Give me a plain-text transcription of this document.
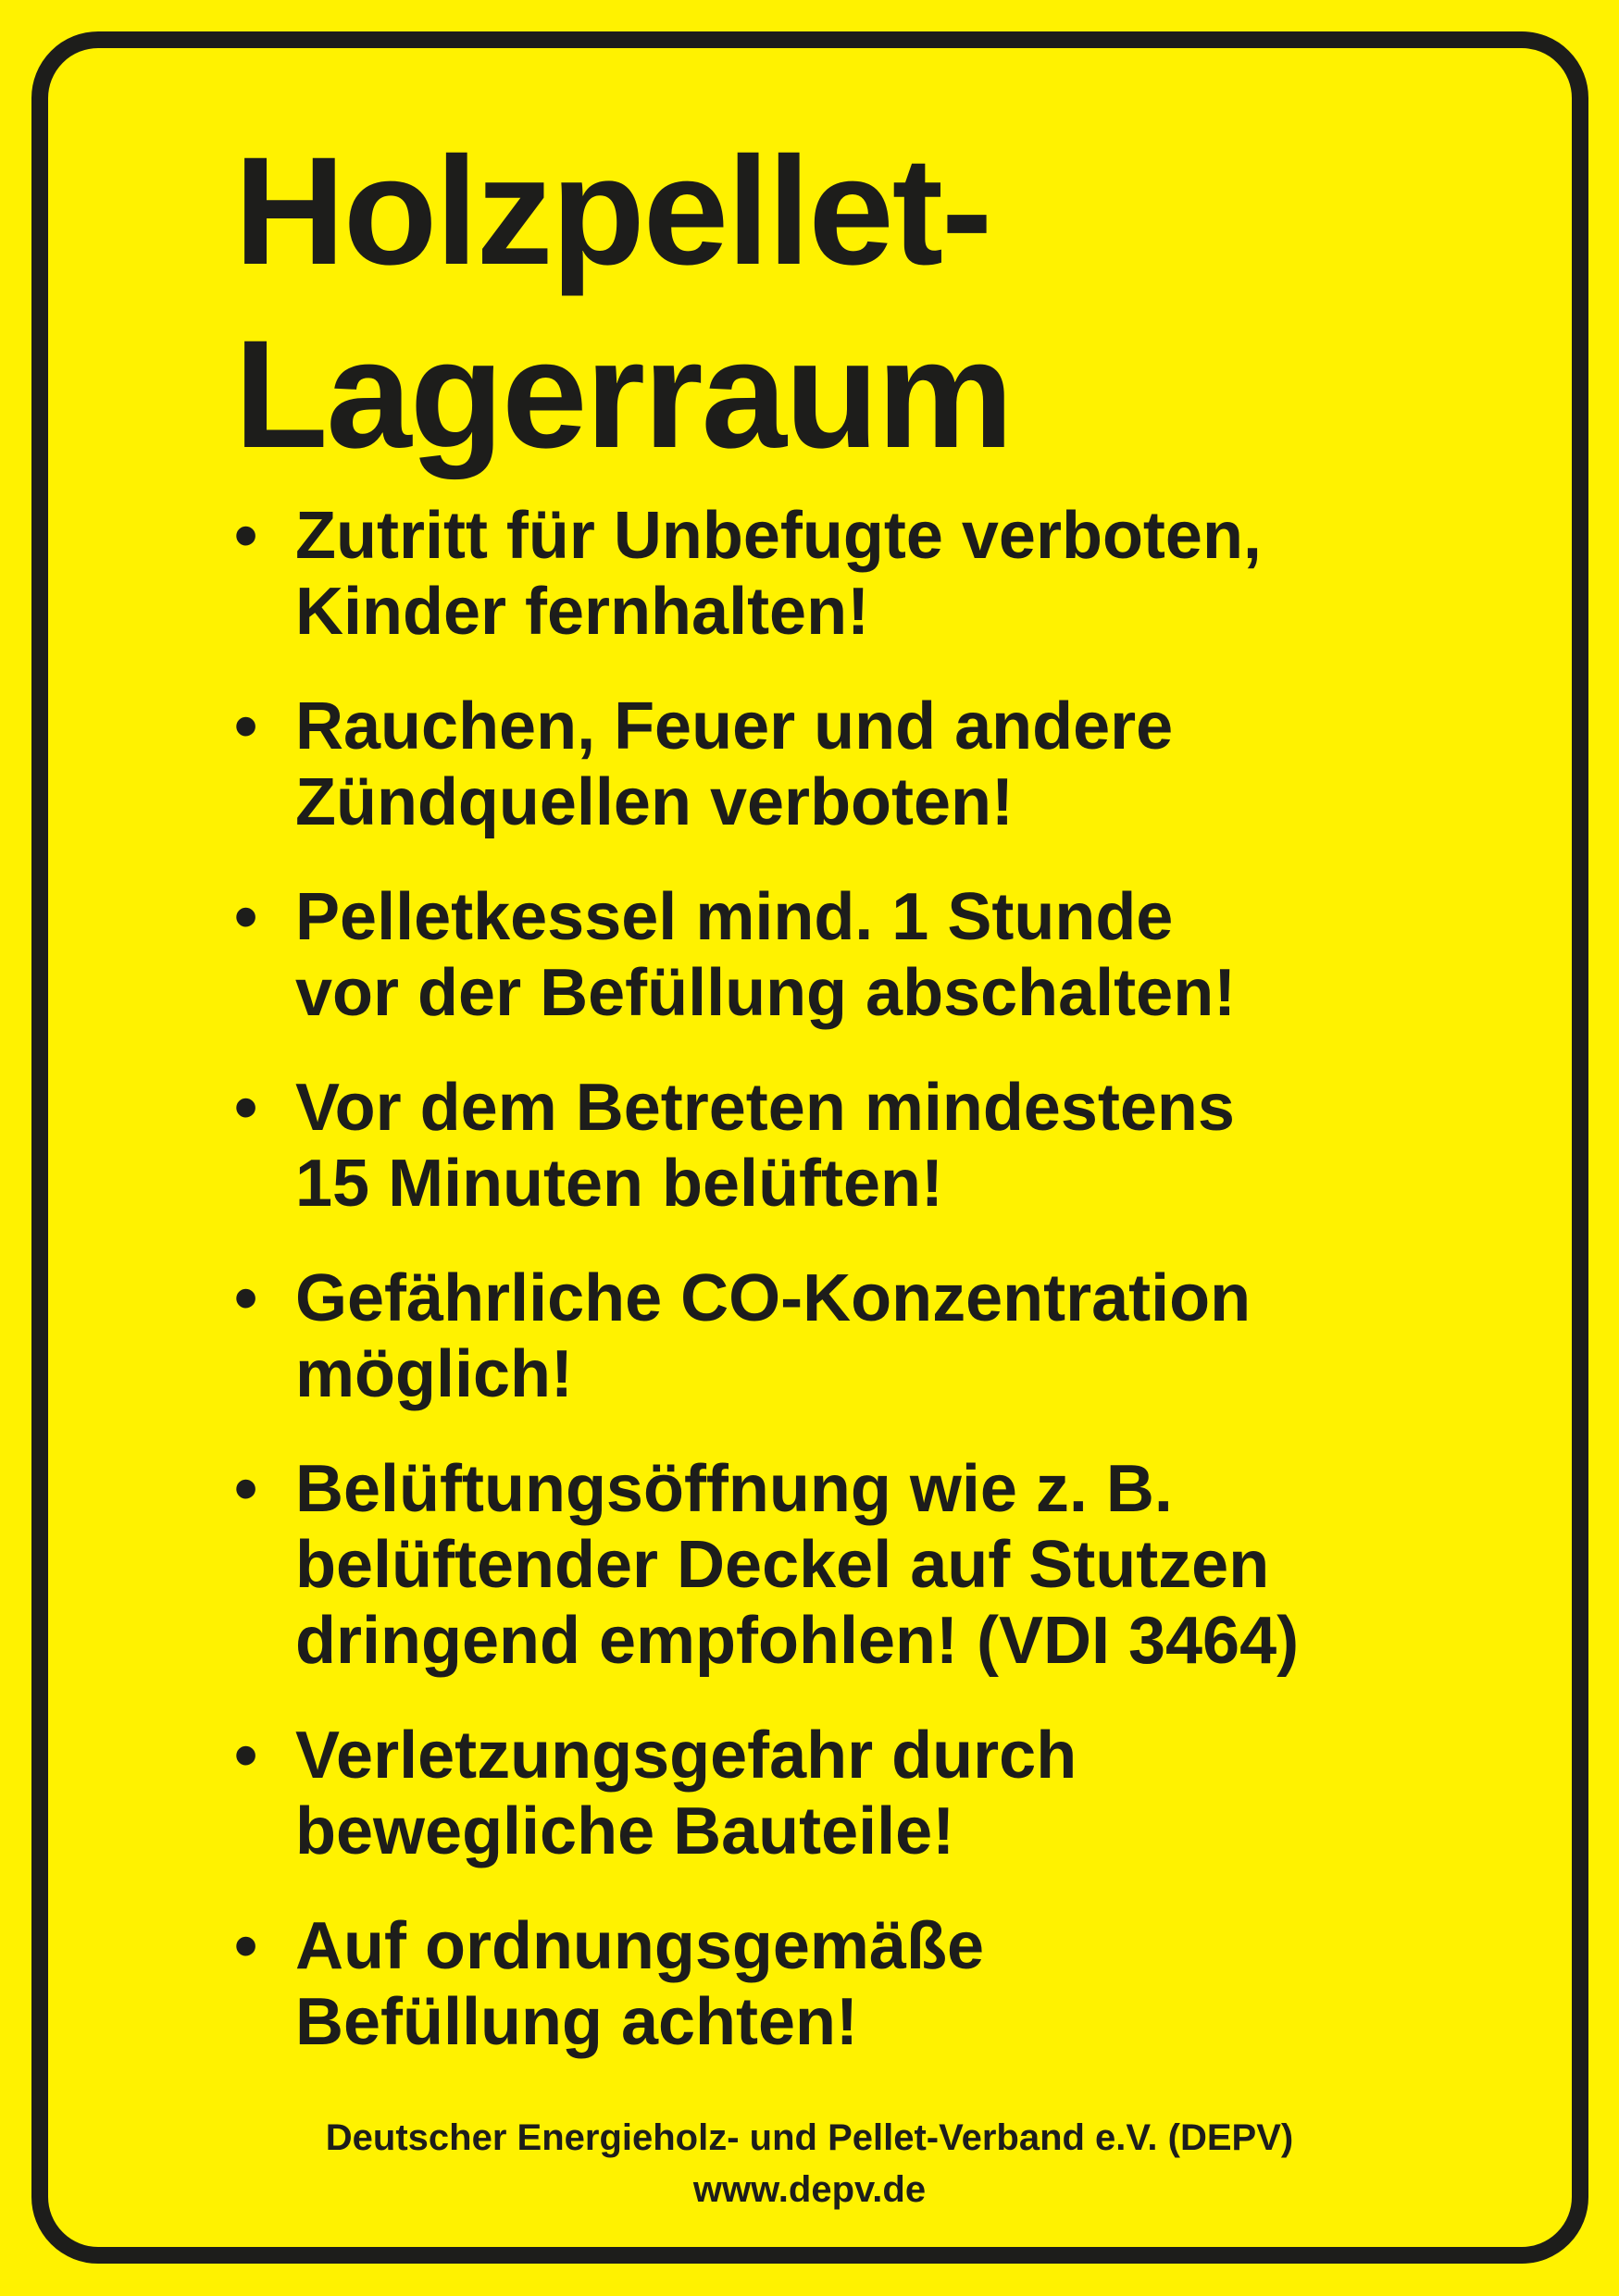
Holzpellet-
Lagerraum
• Zutritt für Unbefugte verboten,
Kinder fernhalten!
• Rauchen, Feuer und andere
Zündquellen verboten!
• Pelletkessel mind. 1 Stunde
vor der Befüllung abschalten!
• Vor dem Betreten mindestens
15 Minuten belüften!
• Gefährliche CO-Konzentration
möglich!
• Belüftungsöffnung wie z. B.
belüftender Deckel auf Stutzen
dringend empfohlen! (VDI 3464)
• Verletzungsgefahr durch
bewegliche Bauteile!
• Auf ordnungsgemäße
Befüllung achten!
Deutscher Energieholz- und Pellet-Verband e.V. (DEPV)
www.depv.de
